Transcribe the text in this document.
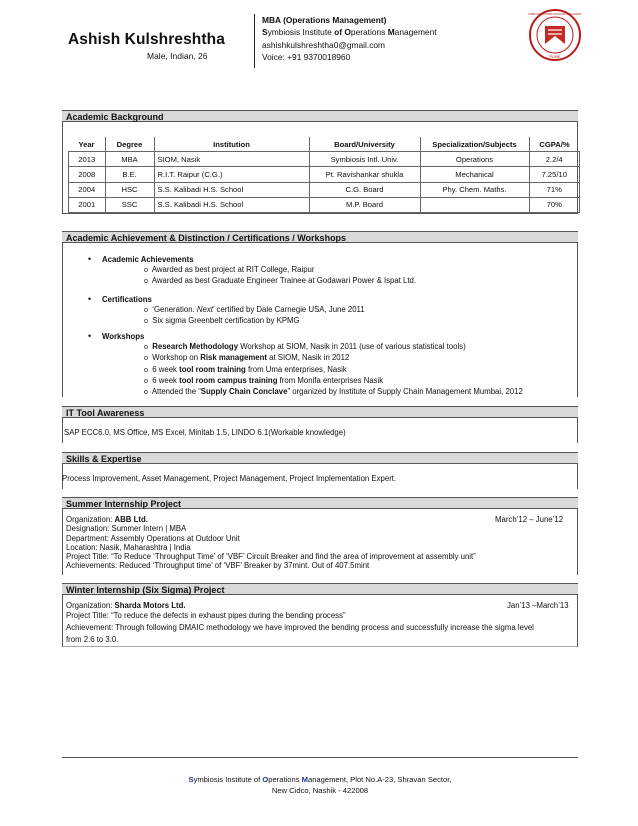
Ashish Kulshreshtha
Male, Indian, 26
MBA (Operations Management)
Symbiosis Institute of Operations Management
ashishkulshreshtha0@gmail.com
Voice: +91 9370018960
SYMBIOSIS INTERNATIONAL UNIVERSITY
PUNE
Academic Background
Year	Degree	Institution	Board/University	Specialization/Subjects	CGPA/%
2013	MBA	SIOM, Nasik	Symbiosis Intl. Univ.	Operations	2.2/4
2008	B.E.	R.I.T. Raipur (C.G.)	Pt. Ravishankar shukla	Mechanical	7.25/10
2004	HSC	S.S. Kalibadi H.S. School	C.G. Board	Phy. Chem. Maths.	71%
2001	SSC	S.S. Kalibadi H.S. School	M.P. Board		70%
Academic Achievement & Distinction / Certifications / Workshops
• Academic Achievements
o Awarded as best project at RIT College, Raipur
o Awarded as best Graduate Engineer Trainee at Godawari Power & Ispat Ltd.
• Certifications
o ‘Generation. Next’ certified by Dale Carnegie USA, June 2011
o  Six sigma Greenbelt certification by KPMG
• Workshops
o Research Methodology Workshop at SIOM, Nasik in 2011 (use of various statistical tools)
o Workshop on Risk management at SIOM, Nasik in 2012
o 6 week tool room training from Uma enterprises, Nasik
o 6 week tool room campus training from Monifa enterprises Nasik
o Attended the “Supply Chain Conclave” organized by Institute of Supply Chain Management Mumbai, 2012
IT Tool Awareness
SAP ECC6.0, MS Office, MS Excel, Minitab 1.5, LINDO 6.1(Workable knowledge)
Skills & Expertise
Process Improvement, Asset Management, Project Management, Project Implementation Expert.
Summer Internship Project
Organization: ABB Ltd.
Designation: Summer Intern | MBA
Department: Assembly Operations at Outdoor Unit
Location: Nasik, Maharashtra | India
Project Title: “To Reduce ‘Throughput Time’ of ‘VBF’ Circuit Breaker and find the area of improvement at assembly unit”
Achievements: Reduced ‘Throughput time’ of ‘VBF’ Breaker by 37mint. Out of 407.5mint
March’12 – June’12
Winter Internship (Six Sigma) Project
Organization: Sharda Motors Ltd.
Project Title: “To reduce the defects in exhaust pipes during the bending process”
Achievement: Through following DMAIC methodology we have improved the bending process and successfully increase the sigma level
from 2.6 to 3.0.
Jan’13 –March’13
Symbiosis Institute of Operations Management, Plot No.A-23, Shravan Sector,
New Cidco, Nashik - 422008
